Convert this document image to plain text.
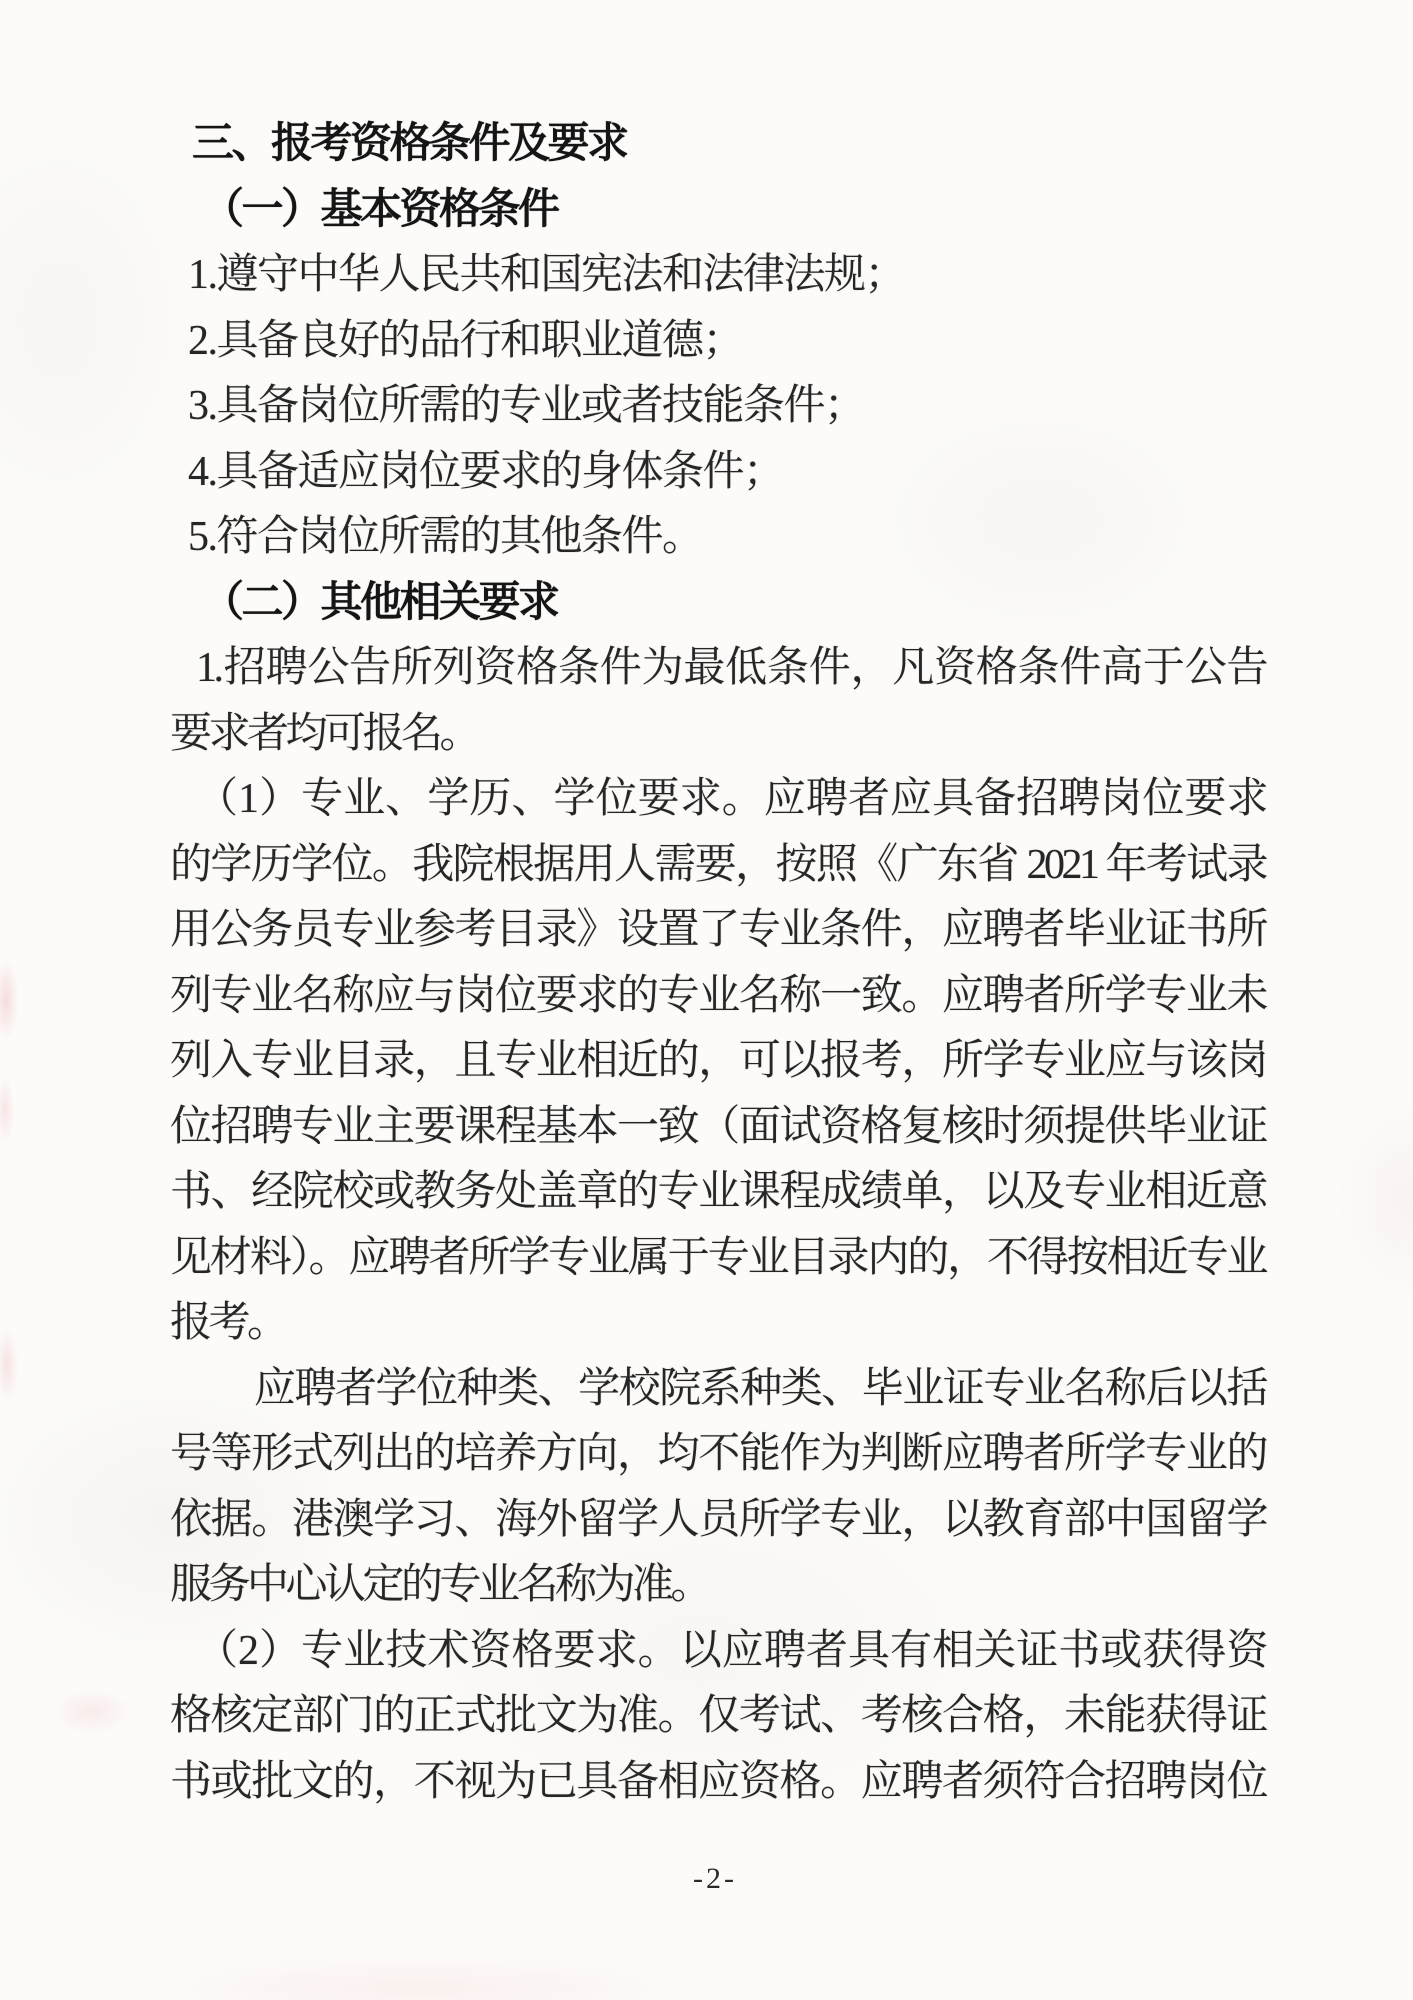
三、报考资格条件及要求
（一）基本资格条件
1.遵守中华人民共和国宪法和法律法规；
2.具备良好的品行和职业道德；
3.具备岗位所需的专业或者技能条件；
4.具备适应岗位要求的身体条件；
5.符合岗位所需的其他条件。
（二）其他相关要求
1.招聘公告所列资格条件为最低条件，凡资格条件高于公告
要求者均可报名。
（1）专业、学历、学位要求。应聘者应具备招聘岗位要求
的学历学位。我院根据用人需要，按照《广东省 2021 年考试录
用公务员专业参考目录》设置了专业条件，应聘者毕业证书所
列专业名称应与岗位要求的专业名称一致。应聘者所学专业未
列入专业目录，且专业相近的，可以报考，所学专业应与该岗
位招聘专业主要课程基本一致（面试资格复核时须提供毕业证
书、经院校或教务处盖章的专业课程成绩单，以及专业相近意
见材料）。应聘者所学专业属于专业目录内的，不得按相近专业
报考。
应聘者学位种类、学校院系种类、毕业证专业名称后以括
号等形式列出的培养方向，均不能作为判断应聘者所学专业的
依据。港澳学习、海外留学人员所学专业，以教育部中国留学
服务中心认定的专业名称为准。
（2）专业技术资格要求。以应聘者具有相关证书或获得资
格核定部门的正式批文为准。仅考试、考核合格，未能获得证
书或批文的，不视为已具备相应资格。应聘者须符合招聘岗位
-2-
